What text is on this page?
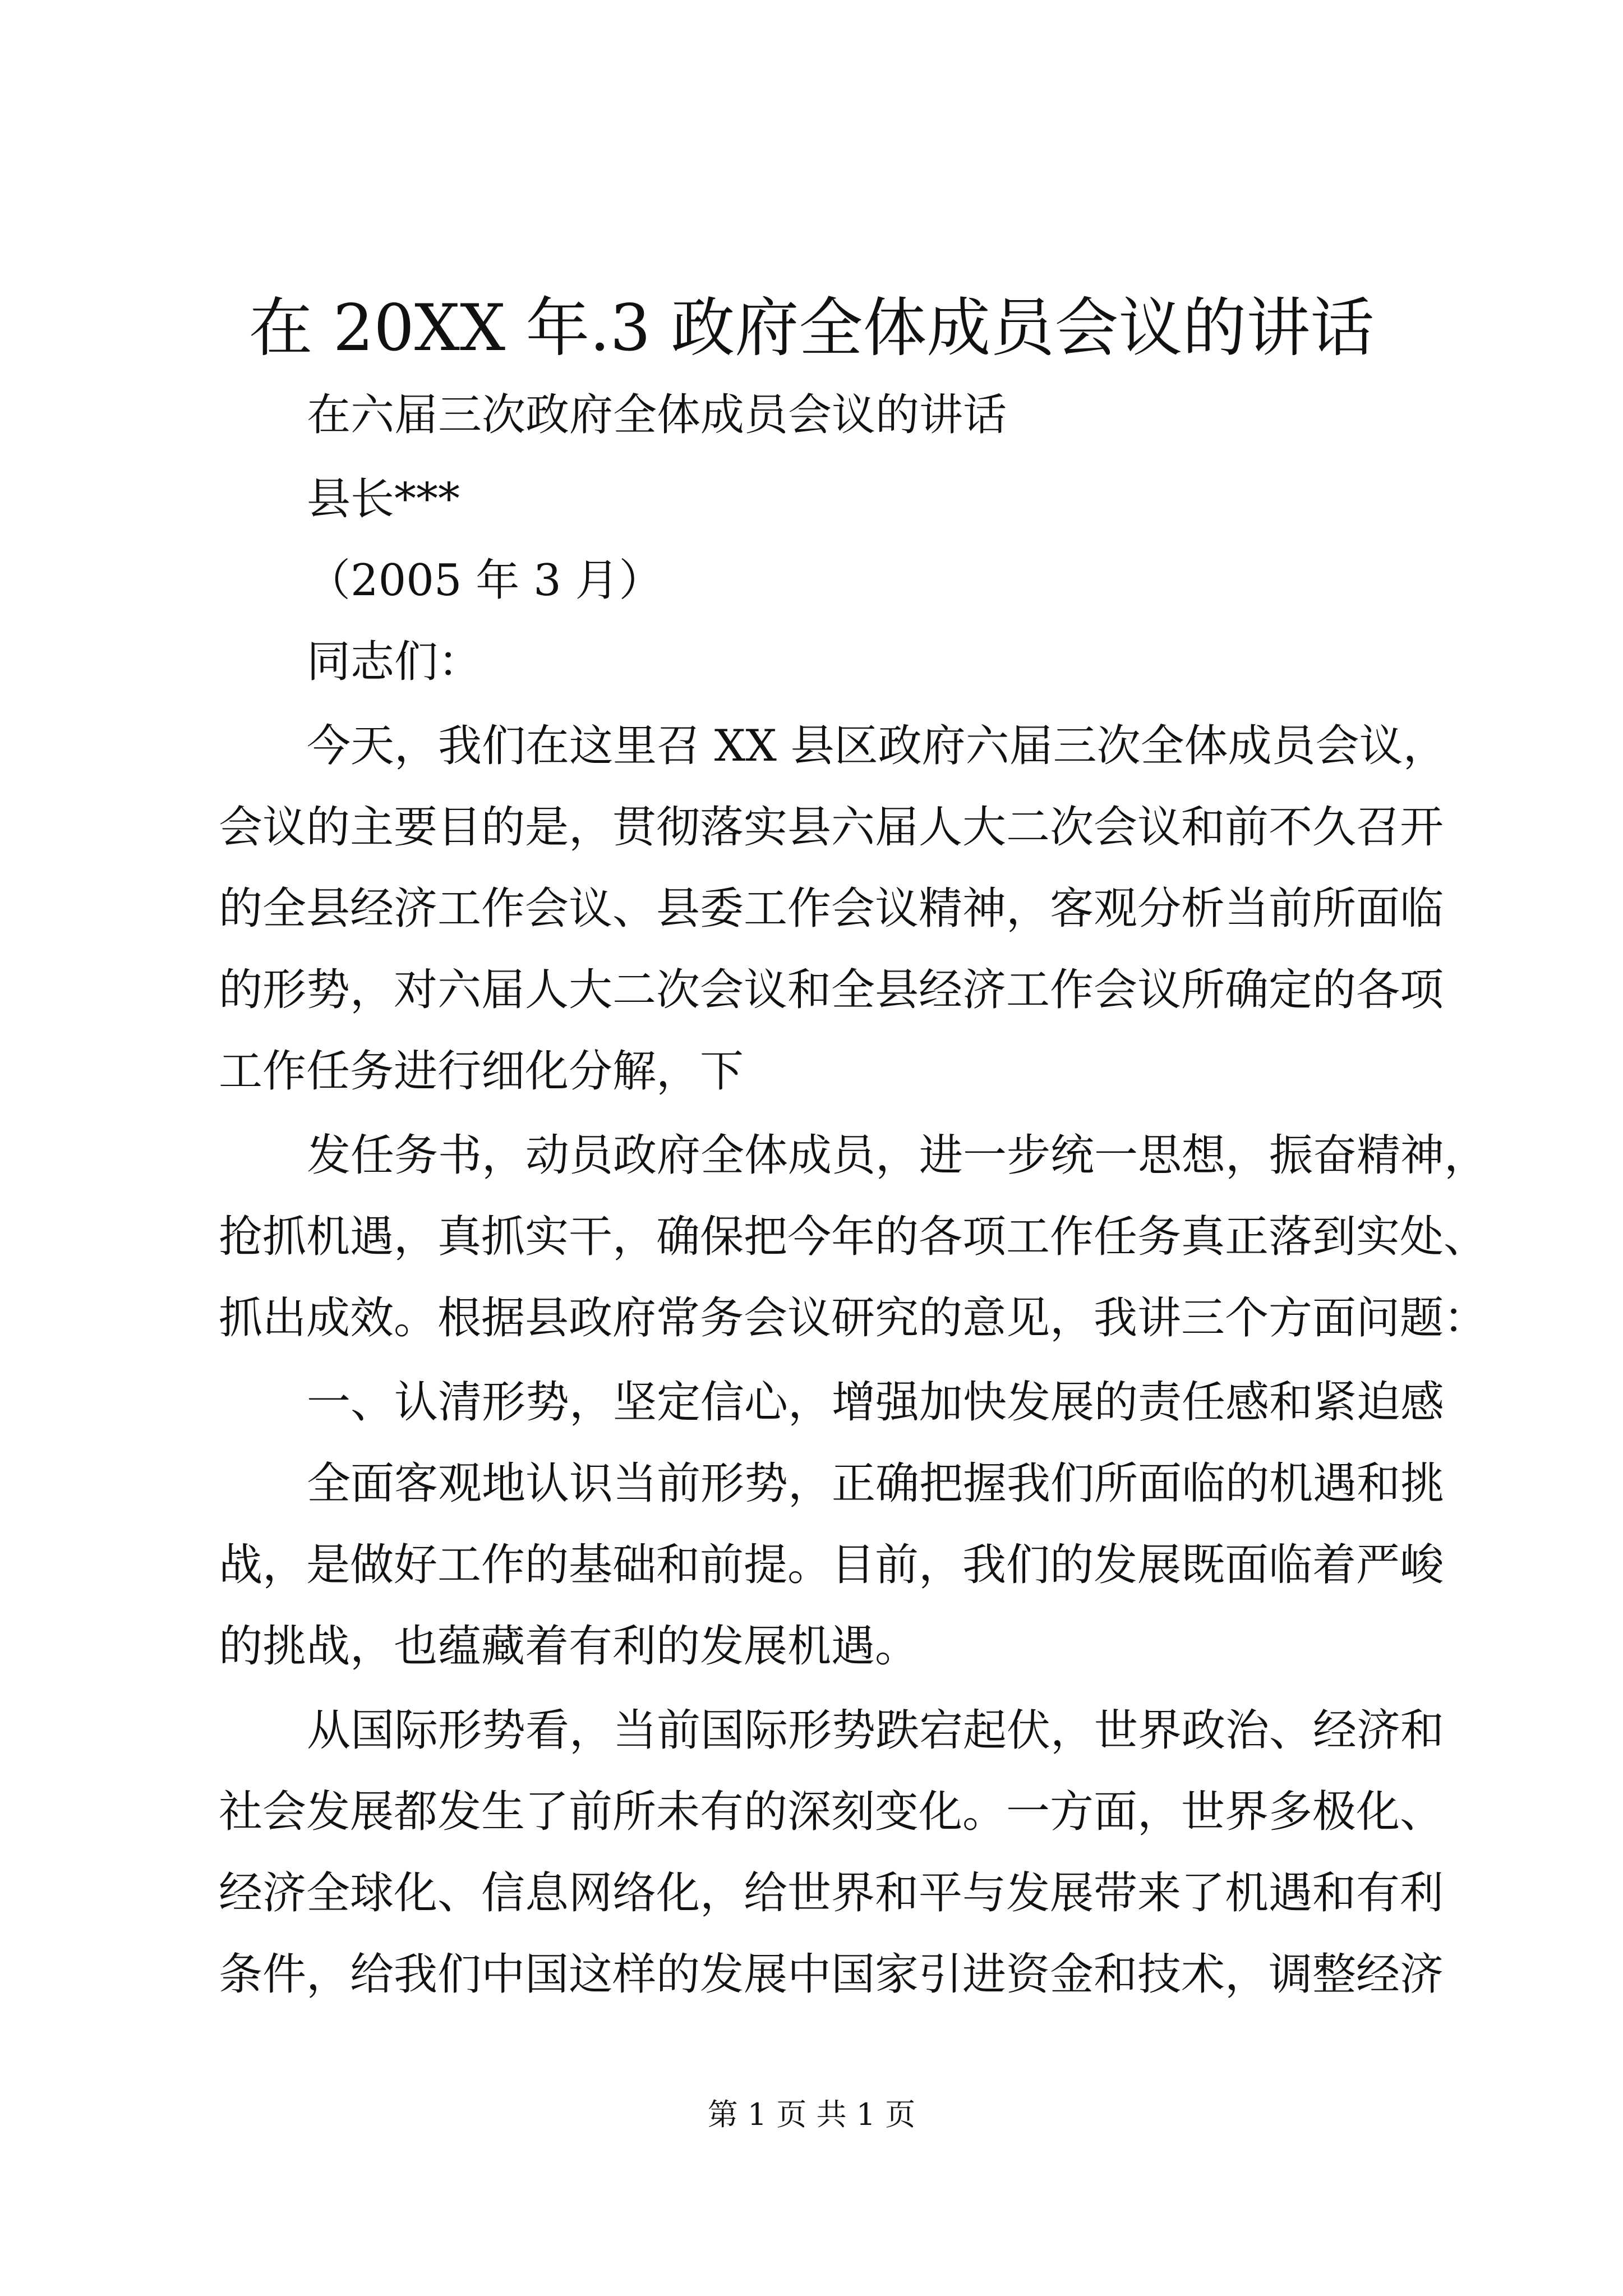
在 20XX 年.3 政府全体成员会议的讲话
在六届三次政府全体成员会议的讲话
县长***
（2005 年 3 月）
同志们：
今天，我们在这里召 XX 县区政府六届三次全体成员会议，
会议的主要目的是，贯彻落实县六届人大二次会议和前不久召开
的全县经济工作会议、县委工作会议精神，客观分析当前所面临
的形势，对六届人大二次会议和全县经济工作会议所确定的各项
工作任务进行细化分解，下
发任务书，动员政府全体成员，进一步统一思想，振奋精神，
抢抓机遇，真抓实干，确保把今年的各项工作任务真正落到实处、
抓出成效。根据县政府常务会议研究的意见，我讲三个方面问题：
一、认清形势，坚定信心，增强加快发展的责任感和紧迫感
全面客观地认识当前形势，正确把握我们所面临的机遇和挑
战，是做好工作的基础和前提。目前，我们的发展既面临着严峻
的挑战，也蕴藏着有利的发展机遇。
从国际形势看，当前国际形势跌宕起伏，世界政治、经济和
社会发展都发生了前所未有的深刻变化。一方面，世界多极化、
经济全球化、信息网络化，给世界和平与发展带来了机遇和有利
条件，给我们中国这样的发展中国家引进资金和技术，调整经济
第 1 页 共 1 页
